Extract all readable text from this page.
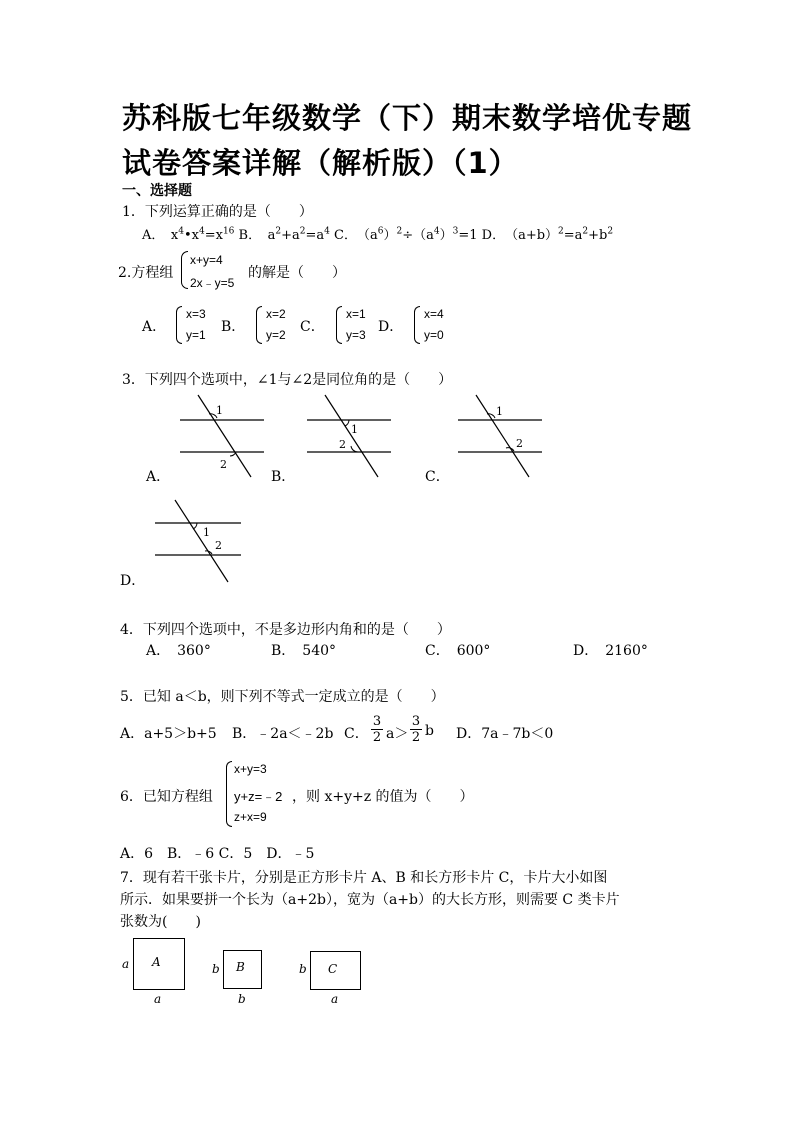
苏科版七年级数学（下）期末数学培优专题
试卷答案详解（解析版）（1）
一、选择题
1．下列运算正确的是（　　）
A．　$x^4•x^4=x^{16}$ B．　$a^2+a^2=a^4$ C．　$(a^6)^2\div(a^4)^3=1$ D．　$(a+b)^2=a^2+b^2$
2.方程组
x+y=4
2x﹣y=5
的解是（　　）
A．
x=3
y=1 B．
x=2
y=2 C．
x=1
y=3 D．
x=4
y=0
3．下列四个选项中，∠1与∠2是同位角的是（　　）
1
2
A．
1
2
B．
1
2
C．
1
2
D．
4．下列四个选项中，不是多边形内角和的是（　　）
A．　360°	B．　540°	C．　600°	D．　2160°
5．已知 a＜b，则下列不等式一定成立的是（　　）
A．a+5＞b+5 B．﹣2a＜﹣2b C． $\frac{3}{2} a> \frac{3}{2}$ b D．7a﹣7b＜0
6．已知方程组
x+y=3
y+z=﹣2
z+x=9
，则 x+y+z 的值为（　　）
A．6　B．﹣6 C．5　D．﹣5
7．现有若干张卡片，分别是正方形卡片 A、B 和长方形卡片 C，卡片大小如图
所示．如果要拼一个长为（a+2b），宽为（a+b）的大长方形，则需要 C 类卡片
张数为(　　)
A
a
a
B
b
b
C
b
a
